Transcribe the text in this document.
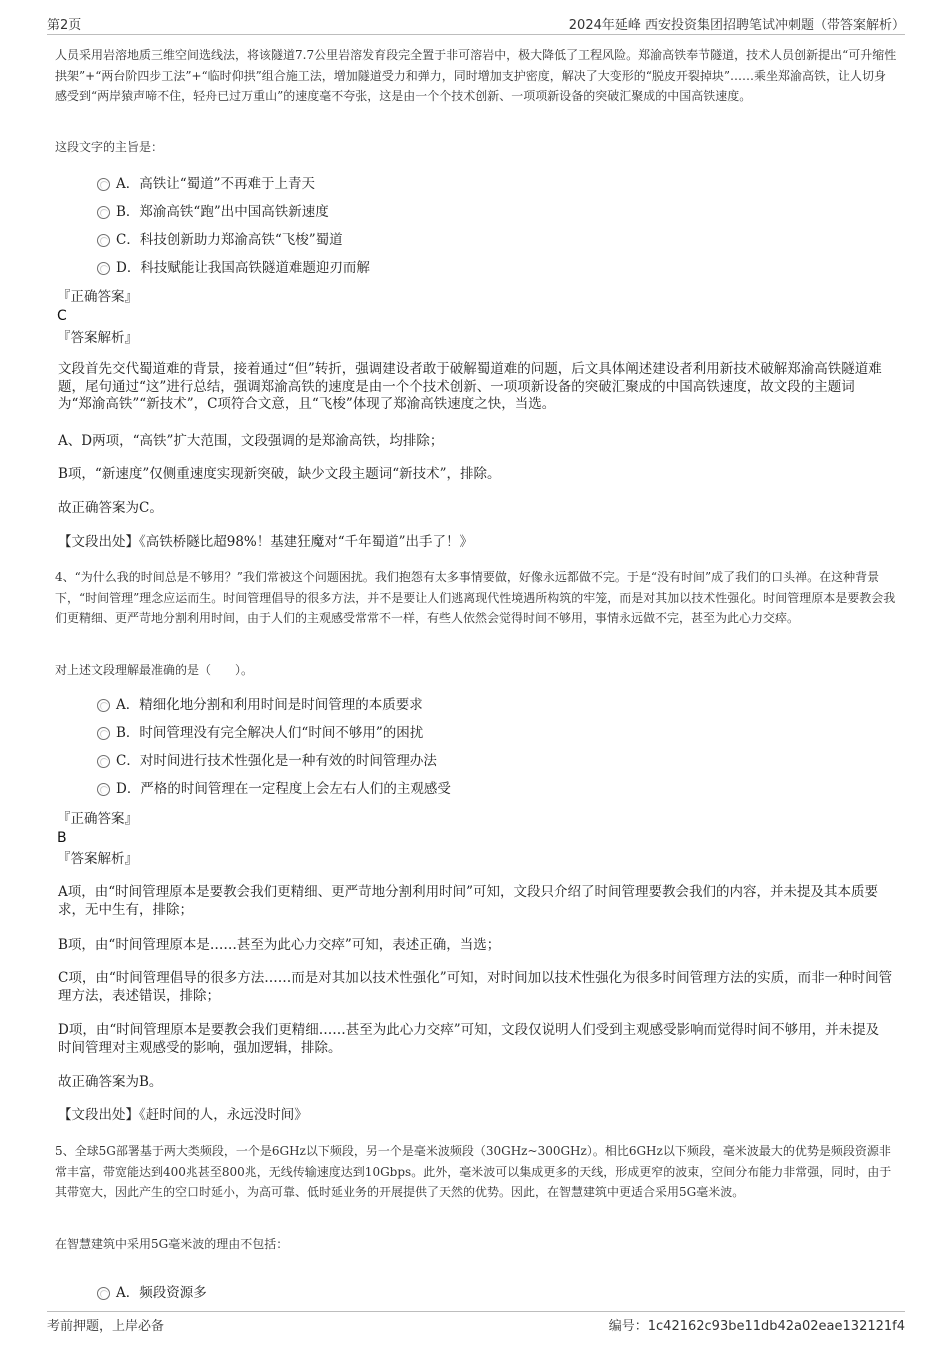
第2页	2024年延峰 西安投资集团招聘笔试冲刺题（带答案解析）

人员采用岩溶地质三维空间选线法，将该隧道7.7公里岩溶发育段完全置于非可溶岩中，极大降低了工程风险。郑渝高铁奉节隧道，技术人员创新提出“可升缩性拱架”+“两台阶四步工法”+“临时仰拱”组合施工法，增加隧道受力和弹力，同时增加支护密度，解决了大变形的“脱皮开裂掉块”……乘坐郑渝高铁，让人切身感受到“两岸猿声啼不住，轻舟已过万重山”的速度毫不夸张，这是由一个个技术创新、一项项新设备的突破汇聚成的中国高铁速度。

这段文字的主旨是：

A．高铁让“蜀道”不再难于上青天
B．郑渝高铁“跑”出中国高铁新速度
C．科技创新助力郑渝高铁“飞梭”蜀道
D．科技赋能让我国高铁隧道难题迎刃而解
『正确答案』
C
『答案解析』

文段首先交代蜀道难的背景，接着通过“但”转折，强调建设者敢于破解蜀道难的问题，后文具体阐述建设者利用新技术破解郑渝高铁隧道难题，尾句通过“这”进行总结，强调郑渝高铁的速度是由一个个技术创新、一项项新设备的突破汇聚成的中国高铁速度，故文段的主题词为“郑渝高铁”“新技术”，C项符合文意，且“飞梭”体现了郑渝高铁速度之快，当选。

A、D两项，“高铁”扩大范围，文段强调的是郑渝高铁，均排除；

B项，“新速度”仅侧重速度实现新突破，缺少文段主题词“新技术”，排除。

故正确答案为C。

【文段出处】《高铁桥隧比超98%！基建狂魔对“千年蜀道”出手了！》

4、“为什么我的时间总是不够用？”我们常被这个问题困扰。我们抱怨有太多事情要做，好像永远都做不完。于是“没有时间”成了我们的口头禅。在这种背景下，“时间管理”理念应运而生。时间管理倡导的很多方法，并不是要让人们逃离现代性境遇所构筑的牢笼，而是对其加以技术性强化。时间管理原本是要教会我们更精细、更严苛地分割利用时间，由于人们的主观感受常常不一样，有些人依然会觉得时间不够用，事情永远做不完，甚至为此心力交瘁。

对上述文段理解最准确的是（　　）。

A．精细化地分割和利用时间是时间管理的本质要求
B．时间管理没有完全解决人们“时间不够用”的困扰
C．对时间进行技术性强化是一种有效的时间管理办法
D．严格的时间管理在一定程度上会左右人们的主观感受
『正确答案』
B
『答案解析』

A项，由“时间管理原本是要教会我们更精细、更严苛地分割利用时间”可知，文段只介绍了时间管理要教会我们的内容，并未提及其本质要求，无中生有，排除；

B项，由“时间管理原本是……甚至为此心力交瘁”可知，表述正确，当选；

C项，由“时间管理倡导的很多方法……而是对其加以技术性强化”可知，对时间加以技术性强化为很多时间管理方法的实质，而非一种时间管理方法，表述错误，排除；

D项，由“时间管理原本是要教会我们更精细……甚至为此心力交瘁”可知，文段仅说明人们受到主观感受影响而觉得时间不够用，并未提及时间管理对主观感受的影响，强加逻辑，排除。

故正确答案为B。

【文段出处】《赶时间的人，永远没时间》

5、全球5G部署基于两大类频段，一个是6GHz以下频段，另一个是毫米波频段（30GHz~300GHz）。相比6GHz以下频段，毫米波最大的优势是频段资源非常丰富，带宽能达到400兆甚至800兆，无线传输速度达到10Gbps。此外，毫米波可以集成更多的天线，形成更窄的波束，空间分布能力非常强，同时，由于其带宽大，因此产生的空口时延小，为高可靠、低时延业务的开展提供了天然的优势。因此，在智慧建筑中更适合采用5G毫米波。

在智慧建筑中采用5G毫米波的理由不包括：

A．频段资源多
考前押题，上岸必备	编号：1c42162c93be11db42a02eae132121f4
